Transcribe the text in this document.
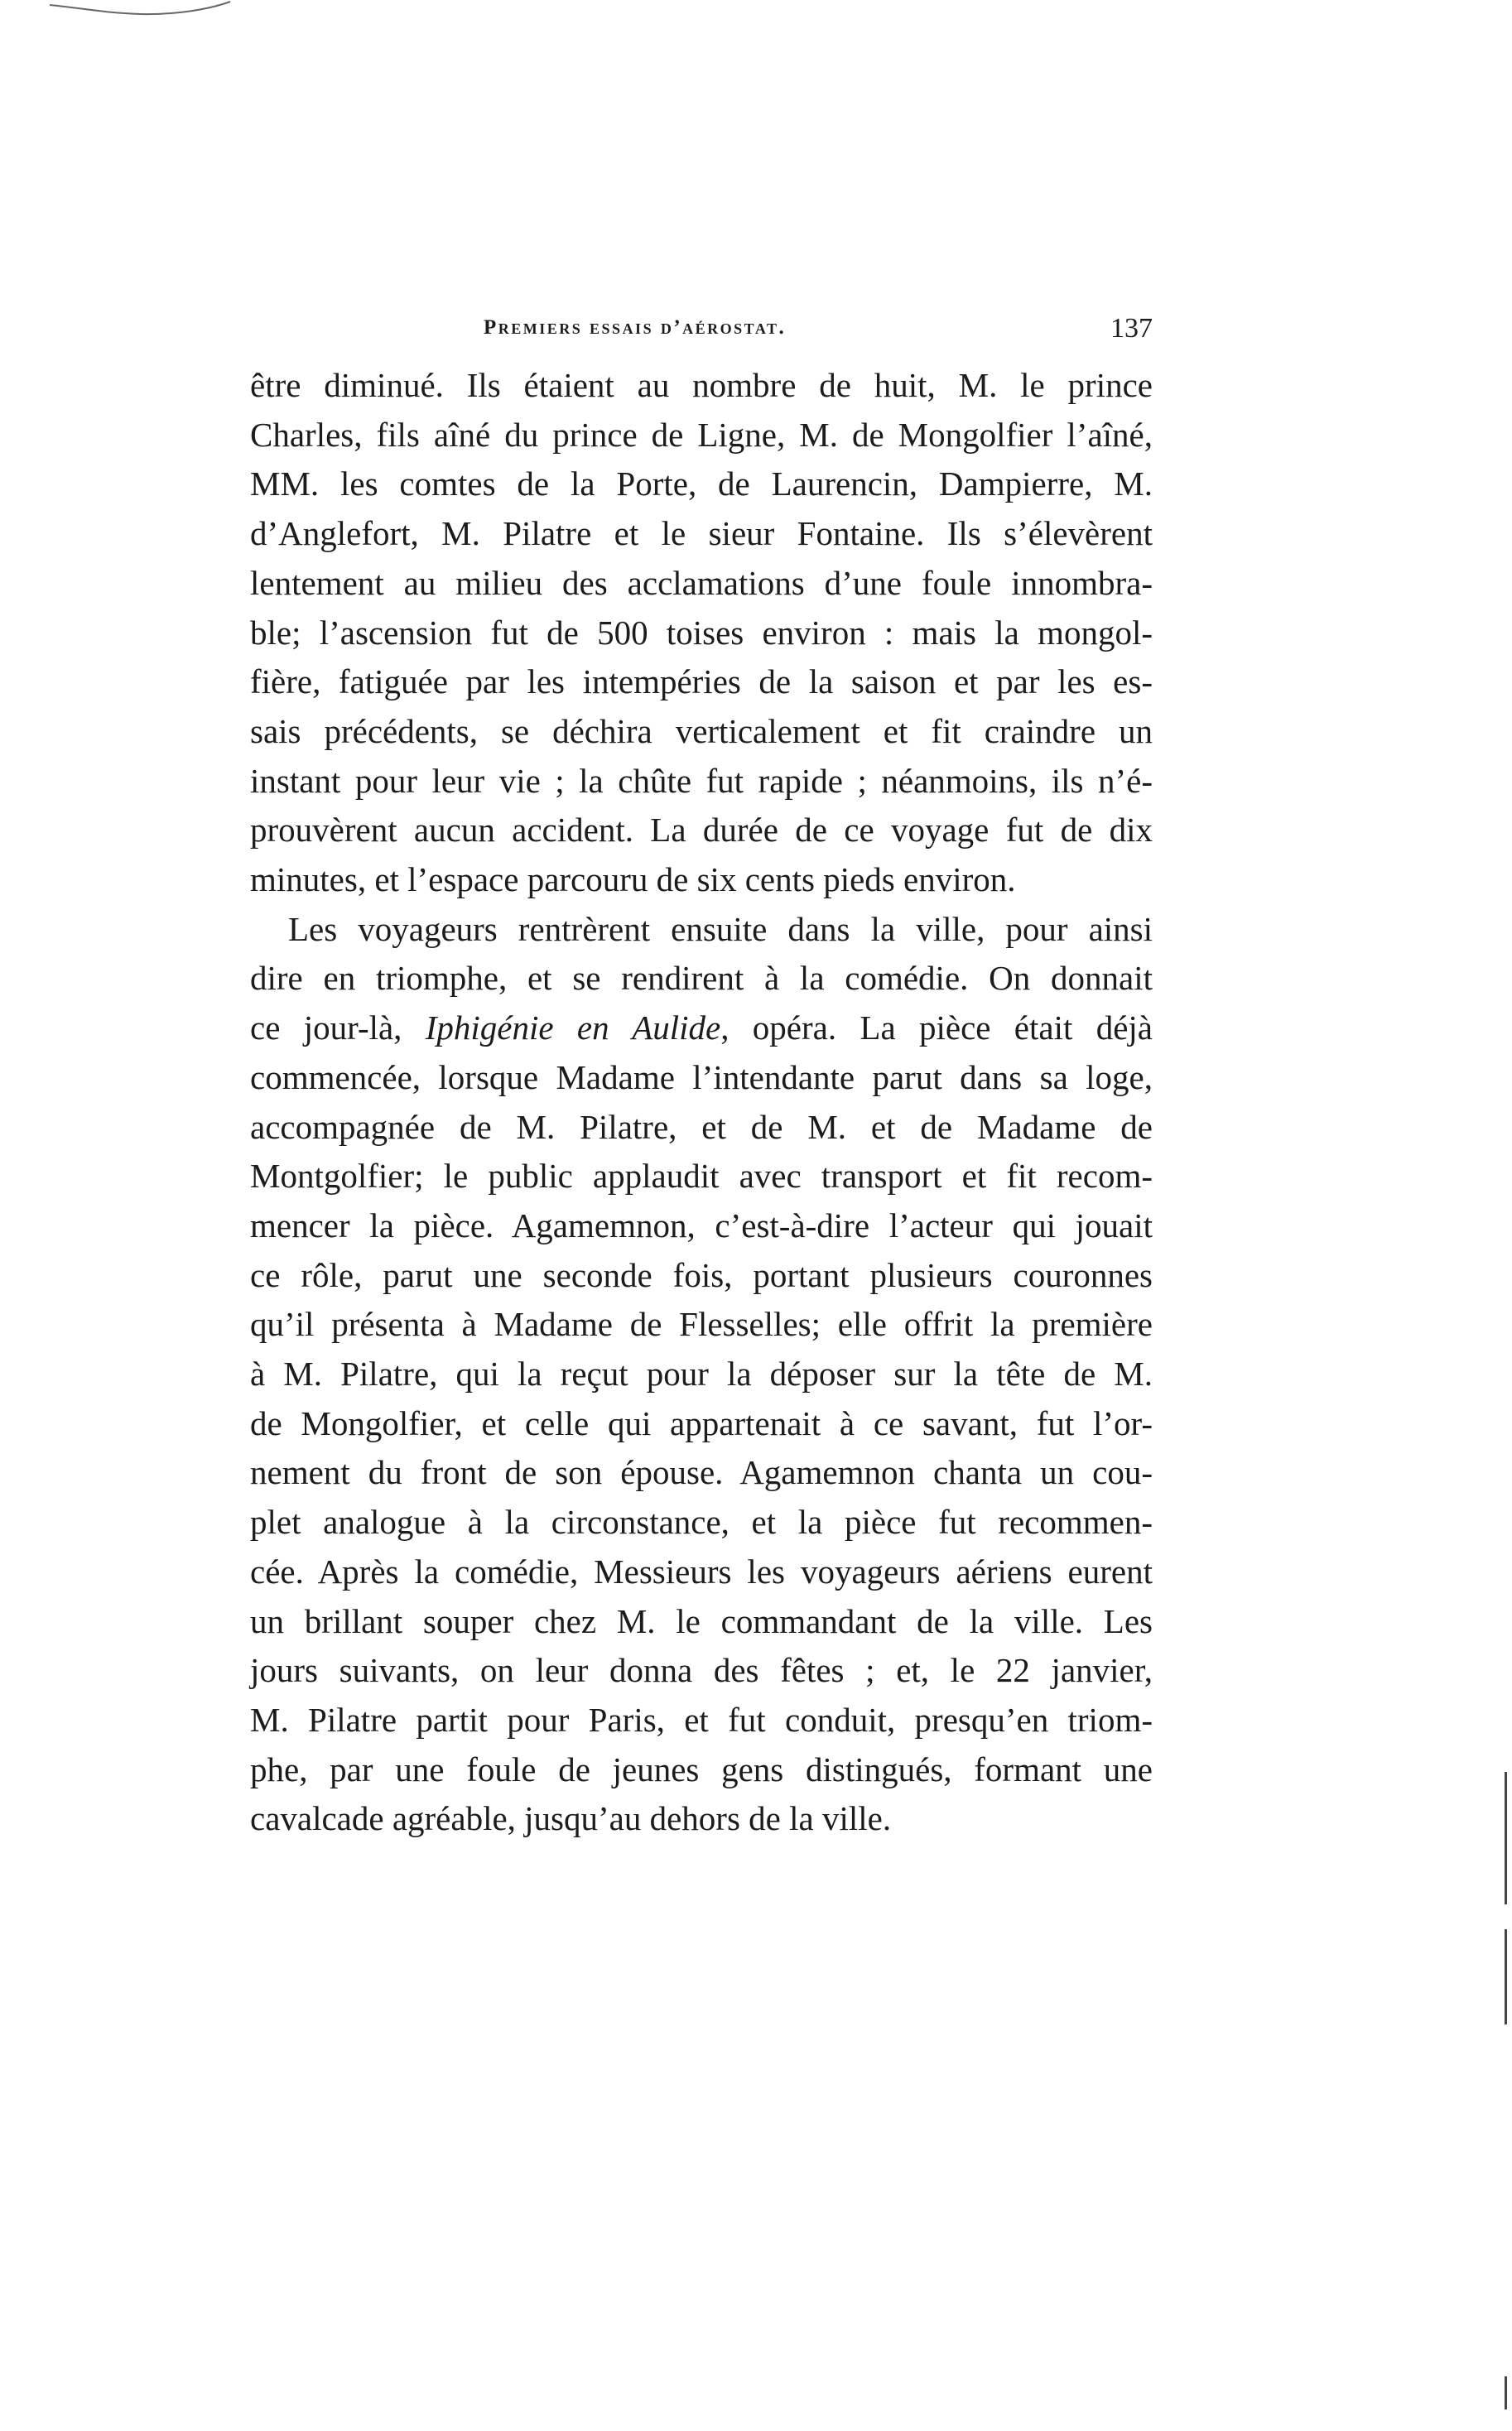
Premiers essais d’aérostat.	137

être diminué. Ils étaient au nombre de huit, M. le prince

Charles, fils aîné du prince de Ligne, M. de Mongolfier l’aîné,

MM. les comtes de la Porte, de Laurencin, Dampierre, M.

d’Anglefort, M. Pilatre et le sieur Fontaine. Ils s’élevèrent

lentement au milieu des acclamations d’une foule innombra-

ble; l’ascension fut de 500 toises environ : mais la mongol-

fière, fatiguée par les intempéries de la saison et par les es-

sais précédents, se déchira verticalement et fit craindre un

instant pour leur vie ; la chûte fut rapide ; néanmoins, ils n’é-

prouvèrent aucun accident. La durée de ce voyage fut de dix

minutes, et l’espace parcouru de six cents pieds environ.

Les voyageurs rentrèrent ensuite dans la ville, pour ainsi

dire en triomphe, et se rendirent à la comédie. On donnait

ce jour-là, Iphigénie en Aulide, opéra. La pièce était déjà

commencée, lorsque Madame l’intendante parut dans sa loge,

accompagnée de M. Pilatre, et de M. et de Madame de

Montgolfier; le public applaudit avec transport et fit recom-

mencer la pièce. Agamemnon, c’est-à-dire l’acteur qui jouait

ce rôle, parut une seconde fois, portant plusieurs couronnes

qu’il présenta à Madame de Flesselles; elle offrit la première

à M. Pilatre, qui la reçut pour la déposer sur la tête de M.

de Mongolfier, et celle qui appartenait à ce savant, fut l’or-

nement du front de son épouse. Agamemnon chanta un cou-

plet analogue à la circonstance, et la pièce fut recommen-

cée. Après la comédie, Messieurs les voyageurs aériens eurent

un brillant souper chez M. le commandant de la ville. Les

jours suivants, on leur donna des fêtes ; et, le 22 janvier,

M. Pilatre partit pour Paris, et fut conduit, presqu’en triom-

phe, par une foule de jeunes gens distingués, formant une

cavalcade agréable, jusqu’au dehors de la ville.
